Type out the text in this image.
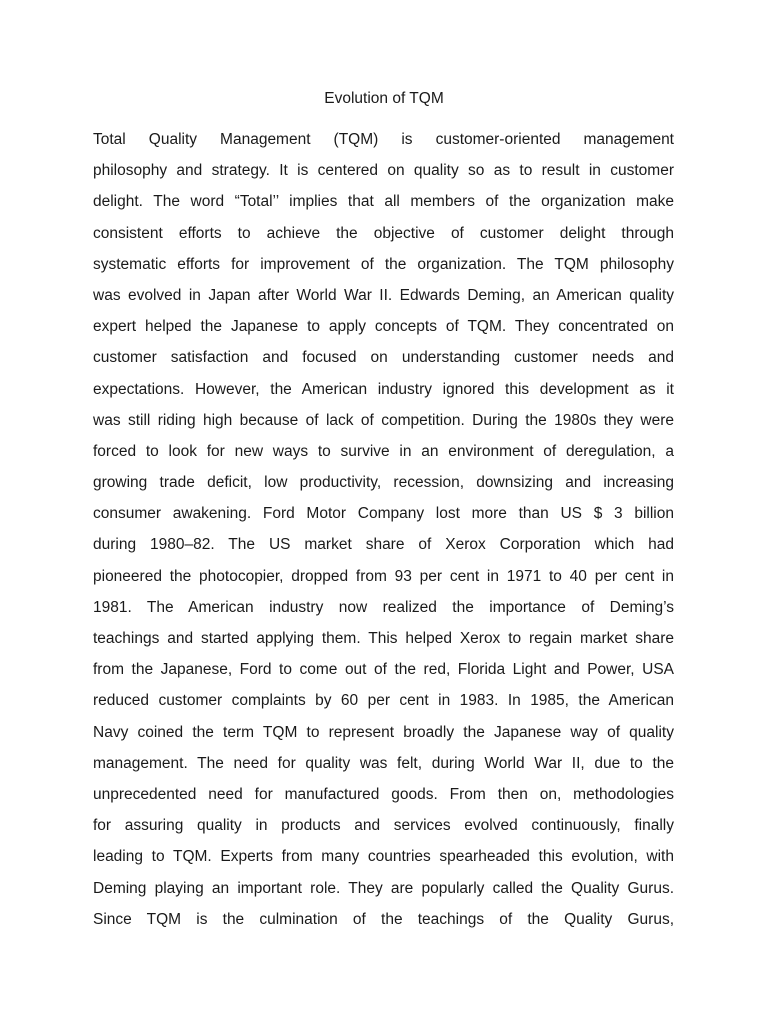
Evolution of TQM
Total Quality Management (TQM) is customer-oriented management
philosophy and strategy. It is centered on quality so as to result in customer
delight. The word “Total’’ implies that all members of the organization make
consistent efforts to achieve the objective of customer delight through
systematic efforts for improvement of the organization. The TQM philosophy
was evolved in Japan after World War II. Edwards Deming, an American quality
expert helped the Japanese to apply concepts of TQM. They concentrated on
customer satisfaction and focused on understanding customer needs and
expectations. However, the American industry ignored this development as it
was still riding high because of lack of competition. During the 1980s they were
forced to look for new ways to survive in an environment of deregulation, a
growing trade deficit, low productivity, recession, downsizing and increasing
consumer awakening. Ford Motor Company lost more than US $ 3 billion
during 1980–82. The US market share of Xerox Corporation which had
pioneered the photocopier, dropped from 93 per cent in 1971 to 40 per cent in
1981. The American industry now realized the importance of Deming’s
teachings and started applying them. This helped Xerox to regain market share
from the Japanese, Ford to come out of the red, Florida Light and Power, USA
reduced customer complaints by 60 per cent in 1983. In 1985, the American
Navy coined the term TQM to represent broadly the Japanese way of quality
management. The need for quality was felt, during World War II, due to the
unprecedented need for manufactured goods. From then on, methodologies
for assuring quality in products and services evolved continuously, finally
leading to TQM. Experts from many countries spearheaded this evolution, with
Deming playing an important role. They are popularly called the Quality Gurus.
Since TQM is the culmination of the teachings of the Quality Gurus,
